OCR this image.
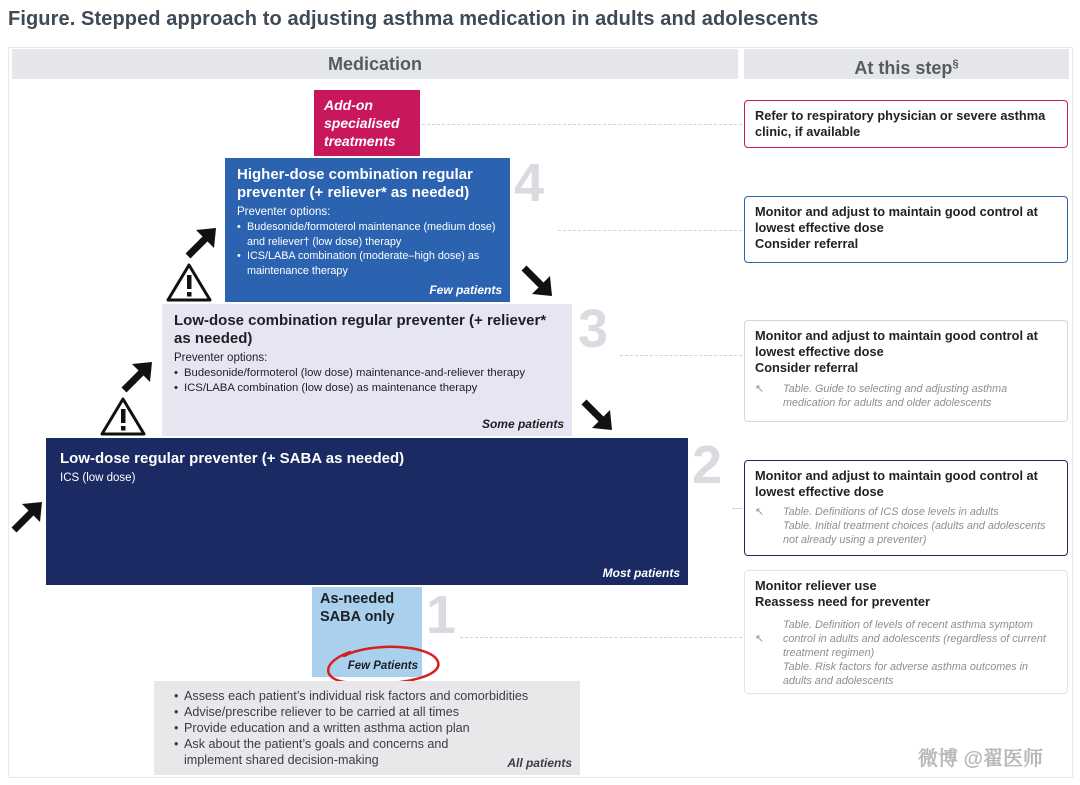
Figure. Stepped approach to adjusting asthma medication in adults and adolescents
Medication	At this step§
4
3
2
1
Add-on specialised treatments
Higher-dose combination regular preventer (+ reliever* as needed)
Preventer options:
• Budesonide/formoterol maintenance (medium dose) and reliever† (low dose) therapy
• ICS/LABA combination (moderate–high dose) as maintenance therapy
Few patients
Low-dose combination regular preventer (+ reliever* as needed)
Preventer options:
• Budesonide/formoterol (low dose) maintenance-and-reliever therapy
• ICS/LABA combination (low dose) as maintenance therapy
Some patients
Low-dose regular preventer (+ SABA as needed)
ICS (low dose)
Most patients
As-needed SABA only
Few Patients
• Assess each patient’s individual risk factors and comorbidities
• Advise/prescribe reliever to be carried at all times
• Provide education and a written asthma action plan
• Ask about the patient’s goals and concerns and implement shared decision-making	All patients
Refer to respiratory physician or severe asthma clinic, if available
Monitor and adjust to maintain good control at lowest effective dose
Consider referral
Monitor and adjust to maintain good control at lowest effective dose
Consider referral
↖ Table. Guide to selecting and adjusting asthma medication for adults and older adolescents
Monitor and adjust to maintain good control at lowest effective dose
↖ Table. Definitions of ICS dose levels in adults
Table. Initial treatment choices (adults and adolescents not already using a preventer)
Monitor reliever use
Reassess need for preventer
↖
Table. Definition of levels of recent asthma symptom control in adults and adolescents (regardless of current treatment regimen)
Table. Risk factors for adverse asthma outcomes in adults and adolescents
微博 @翟医师
